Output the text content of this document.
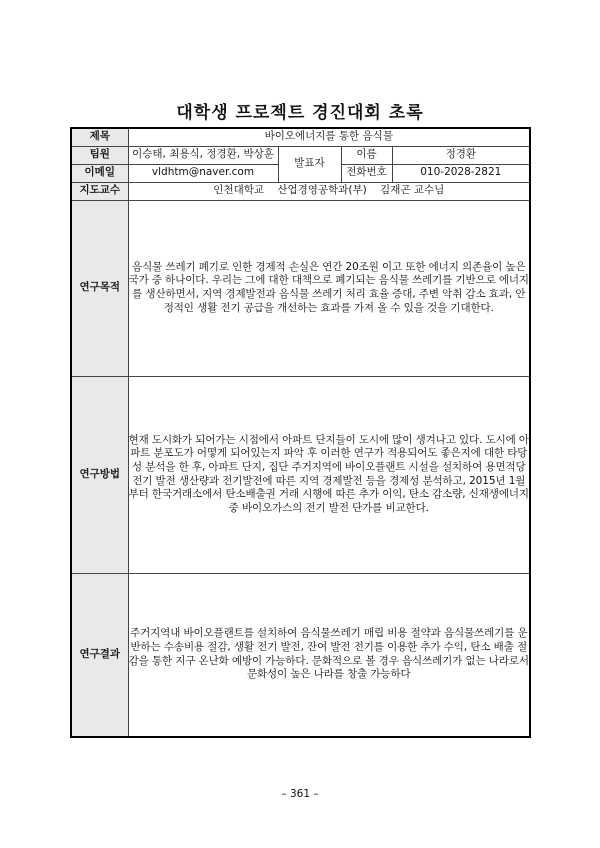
대학생 프로젝트 경진대회 초록
제목	바이오에너지를 통한 음식물			
팀원	이승태, 최용식, 정경환, 박상훈	발표자	이름	정경환
이메일	vldhtm@naver.com		전화번호	010-2028-2821
지도교수	인천대학교    산업경영공학과(부)    김재곤 교수님			
연구목적	음식물 쓰레기 폐기로 인한 경제적 손실은 연간 20조원 이고 또한 에너지 의존율이 높은 국가 중 하나이다. 우리는 그에 대한 대책으로 폐기되는 음식물 쓰레기를 기반으로 에너지를 생산하면서, 지역 경제발전과 음식물 쓰레기 처리 효율 증대, 주변 악취 감소 효과, 안정적인 생활 전기 공급을 개선하는 효과를 가져 올 수 있을 것을 기대한다.			
연구방법	현재 도시화가 되어가는 시점에서 아파트 단지들이 도시에 많이 생겨나고 있다. 도시에 아파트 분포도가 어떻게 되어있는지 파악 후 이러한 연구가 적용되어도 좋은지에 대한 타당성 분석을 한 후, 아파트 단지, 집단 주거지역에 바이오플랜트 시설을 설치하여 용면적당 전기 발전 생산량과 전기발전에 따른 지역 경제발전 등을 경제성 분석하고, 2015년 1월부터 한국거래소에서 탄소배출권 거래 시행에 따른 추가 이익, 탄소 감소량, 신재생에너지 중 바이오가스의 전기 발전 단가를 비교한다.			
연구결과	주거지역내 바이오플랜트를 설치하여 음식물쓰레기 매립 비용 절약과 음식물쓰레기를 운반하는 수송비용 절감, 생활 전기 발전, 잔여 발전 전기를 이용한 추가 수익, 탄소 배출 절감을 통한 지구 온난화 예방이 가능하다. 문화적으로 볼 경우 음식쓰레기가 없는 나라로서 문화성이 높은 나라를 창출 가능하다			
– 361 –
